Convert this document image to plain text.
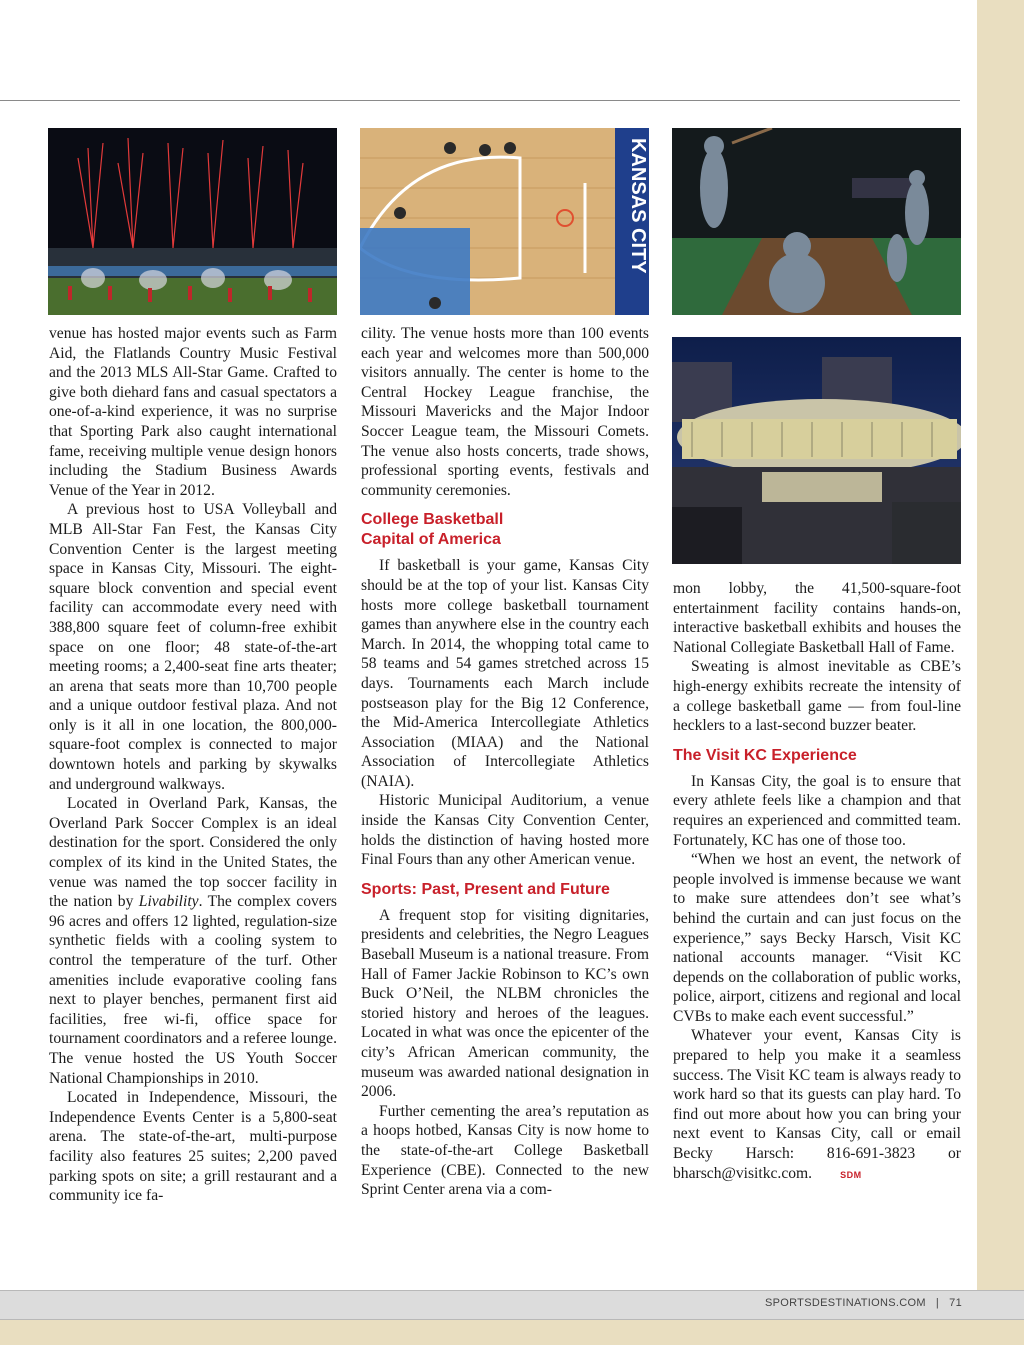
KANSAS CITY

venue has hosted major events such as Farm Aid, the Flatlands Country Music Festival and the 2013 MLS All-Star Game. Crafted to give both diehard fans and casual spectators a one-of-a-kind experience, it was no surprise that Sporting Park also caught international fame, receiving multiple venue design honors including the Stadium Business Awards Venue of the Year in 2012.

A previous host to USA Volleyball and MLB All-Star Fan Fest, the Kansas City Convention Center is the largest meeting space in Kansas City, Missouri. The eight-square block convention and special event facility can accommodate every need with 388,800 square feet of column-free exhibit space on one floor; 48 state-of-the-art meeting rooms; a 2,400-seat fine arts theater; an arena that seats more than 10,700 people and a unique outdoor festival plaza. And not only is it all in one location, the 800,000-square-foot complex is connected to major downtown hotels and parking by skywalks and underground walkways.

Located in Overland Park, Kansas, the Overland Park Soccer Complex is an ideal destination for the sport. Considered the only complex of its kind in the United States, the venue was named the top soccer facility in the nation by Livability. The complex covers 96 acres and offers 12 lighted, regulation-size synthetic fields with a cooling system to control the temperature of the turf. Other amenities include evaporative cooling fans next to player benches, permanent first aid facilities, free wi-fi, office space for tournament coordinators and a referee lounge. The venue hosted the US Youth Soccer National Championships in 2010.

Located in Independence, Missouri, the Independence Events Center is a 5,800-seat arena. The state-of-the-art, multi-purpose facility also features 25 suites; 2,200 paved parking spots on site; a grill restaurant and a community ice fa-

cility. The venue hosts more than 100 events each year and welcomes more than 500,000 visitors annually. The center is home to the Central Hockey League franchise, the Missouri Mavericks and the Major Indoor Soccer League team, the Missouri Comets. The venue also hosts concerts, trade shows, professional sporting events, festivals and community ceremonies.

College Basketball
Capital of America

If basketball is your game, Kansas City should be at the top of your list. Kansas City hosts more college basketball tournament games than anywhere else in the country each March. In 2014, the whopping total came to 58 teams and 54 games stretched across 15 days. Tournaments each March include postseason play for the Big 12 Conference, the Mid-America Intercollegiate Athletics Association (MIAA) and the National Association of Intercollegiate Athletics (NAIA).

Historic Municipal Auditorium, a venue inside the Kansas City Convention Center, holds the distinction of having hosted more Final Fours than any other American venue.

Sports: Past, Present and Future

A frequent stop for visiting dignitaries, presidents and celebrities, the Negro Leagues Baseball Museum is a national treasure. From Hall of Famer Jackie Robinson to KC’s own Buck O’Neil, the NLBM chronicles the storied history and heroes of the leagues. Located in what was once the epicenter of the city’s African American community, the museum was awarded national designation in 2006.

Further cementing the area’s reputation as a hoops hotbed, Kansas City is now home to the state-of-the-art College Basketball Experience (CBE). Connected to the new Sprint Center arena via a com-

mon lobby, the 41,500-square-foot entertainment facility contains hands-on, interactive basketball exhibits and houses the National Collegiate Basketball Hall of Fame.

Sweating is almost inevitable as CBE’s high-energy exhibits recreate the intensity of a college basketball game — from foul-line hecklers to a last-second buzzer beater.

The Visit KC Experience

In Kansas City, the goal is to ensure that every athlete feels like a champion and that requires an experienced and committed team. Fortunately, KC has one of those too.

“When we host an event, the network of people involved is immense because we want to make sure attendees don’t see what’s behind the curtain and can just focus on the experience,” says Becky Harsch, Visit KC national accounts manager. “Visit KC depends on the collaboration of public works, police, airport, citizens and regional and local CVBs to make each event successful.”

Whatever your event, Kansas City is prepared to help you make it a seamless success. The Visit KC team is always ready to work hard so that its guests can play hard. To find out more about how you can bring your next event to Kansas City, call or email Becky Harsch: 816-691-3823 or bharsch@visitkc.com.	SDM

SPORTSDESTINATIONS.COM | 71
